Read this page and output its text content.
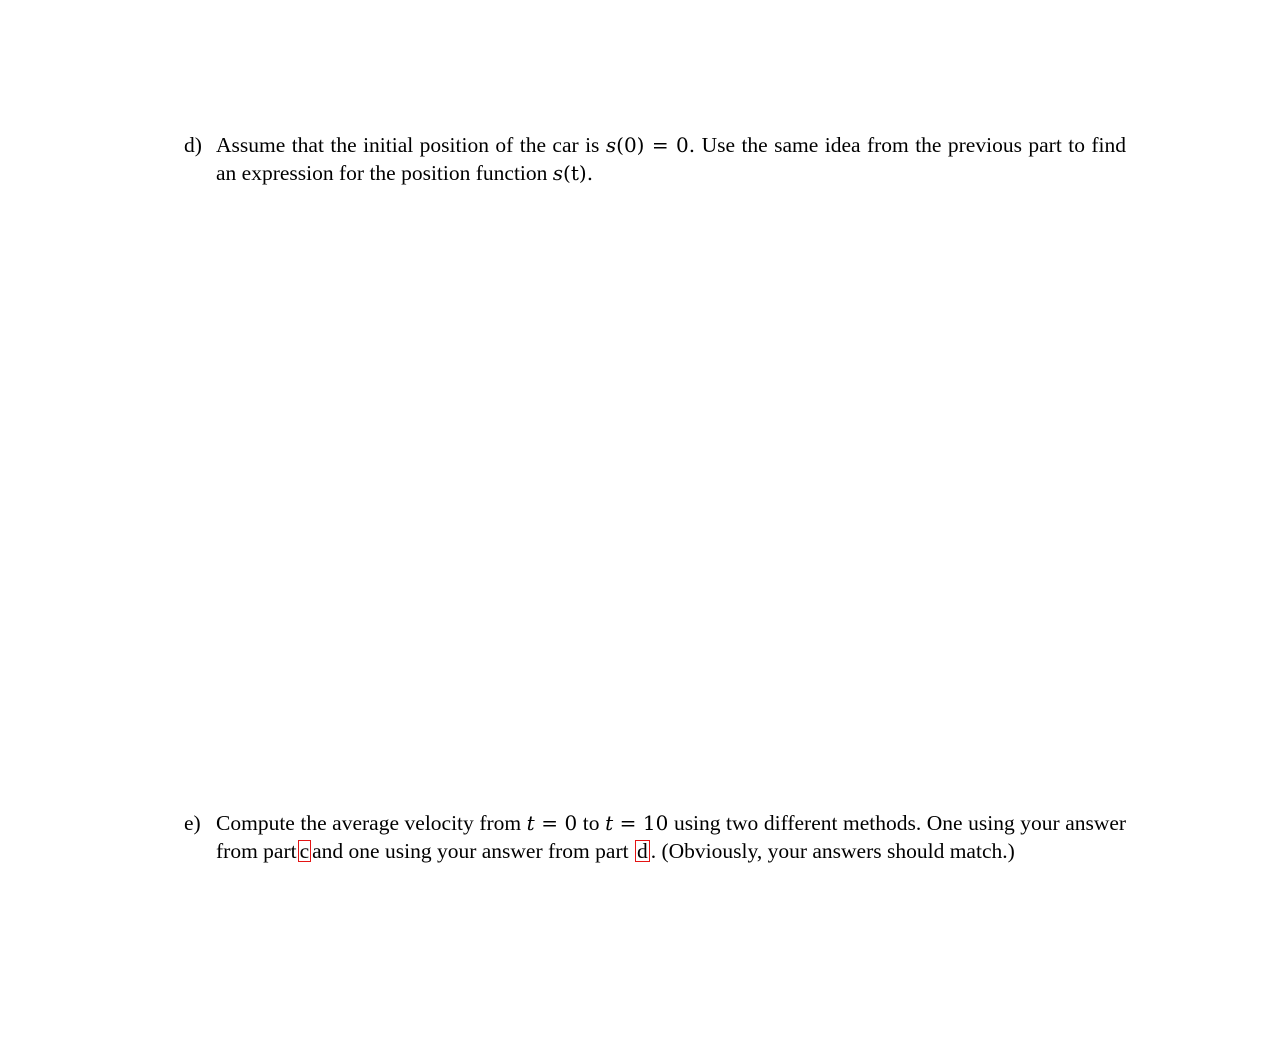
d) Assume that the initial position of the car is s(0) = 0. Use the same idea from the previous part to find an expression for the position function s(t).
e) Compute the average velocity from t = 0 to t = 10 using two different methods. One using your answer from part c and one using your answer from part d . (Obviously, your answers should match.)
